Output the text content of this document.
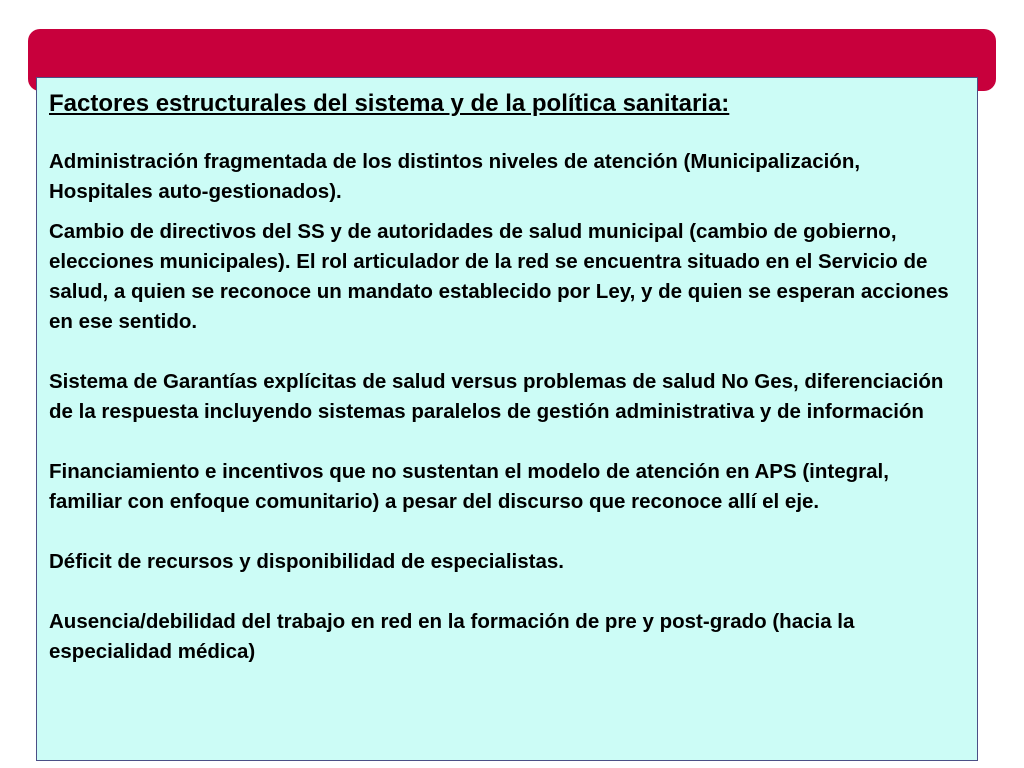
Factores estructurales del sistema y de la política sanitaria:

Administración fragmentada de los distintos niveles de atención (Municipalización, Hospitales auto-gestionados).

Cambio de directivos del SS y de autoridades de salud municipal (cambio de gobierno, elecciones municipales). El rol articulador de la red se encuentra situado en el Servicio de salud, a quien se reconoce un mandato establecido por Ley, y de quien se esperan acciones en ese sentido.

Sistema de Garantías explícitas de salud versus problemas de salud No Ges, diferenciación de la respuesta incluyendo sistemas paralelos de gestión administrativa y de información

Financiamiento e incentivos que no sustentan el modelo de atención en APS (integral, familiar con enfoque comunitario) a pesar del discurso que reconoce allí el eje.

Déficit de recursos y disponibilidad de especialistas.

Ausencia/debilidad del trabajo en red en la formación de pre y post-grado (hacia la especialidad médica)
